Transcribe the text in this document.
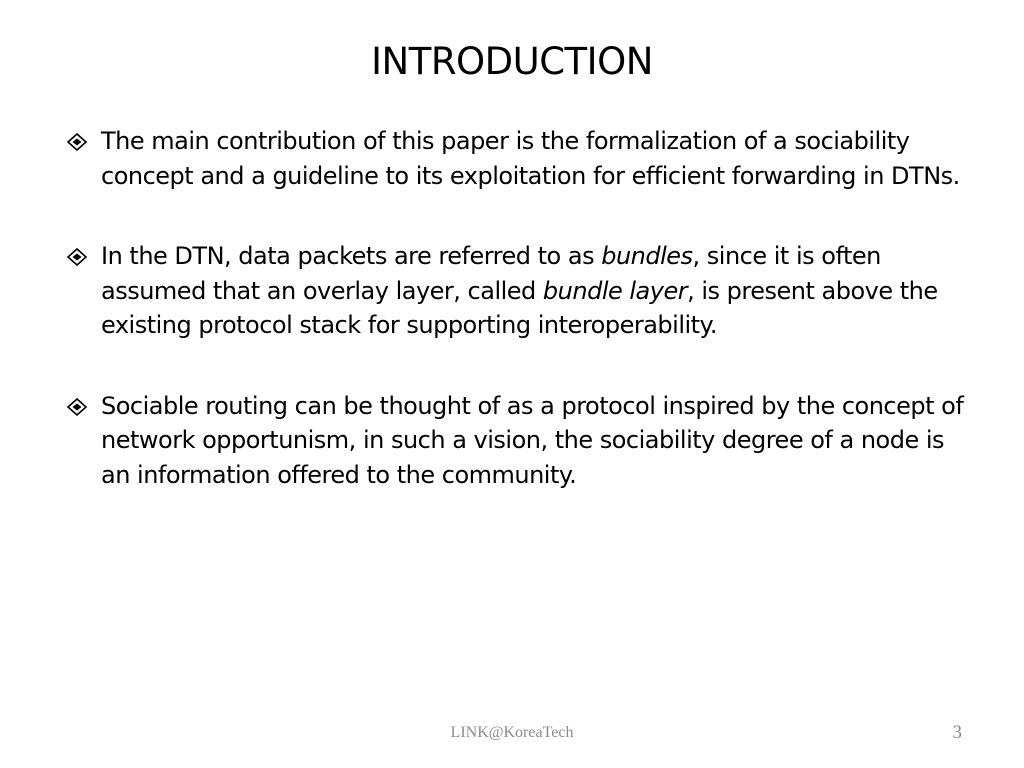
INTRODUCTION
The main contribution of this paper is the formalization of a sociability concept and a guideline to its exploitation for efficient forwarding in DTNs.
In the DTN, data packets are referred to as bundles, since it is often assumed that an overlay layer, called bundle layer, is present above the existing protocol stack for supporting interoperability.
Sociable routing can be thought of as a protocol inspired by the concept of network opportunism, in such a vision, the sociability degree of a node is an information offered to the community.
LINK@KoreaTech	3
